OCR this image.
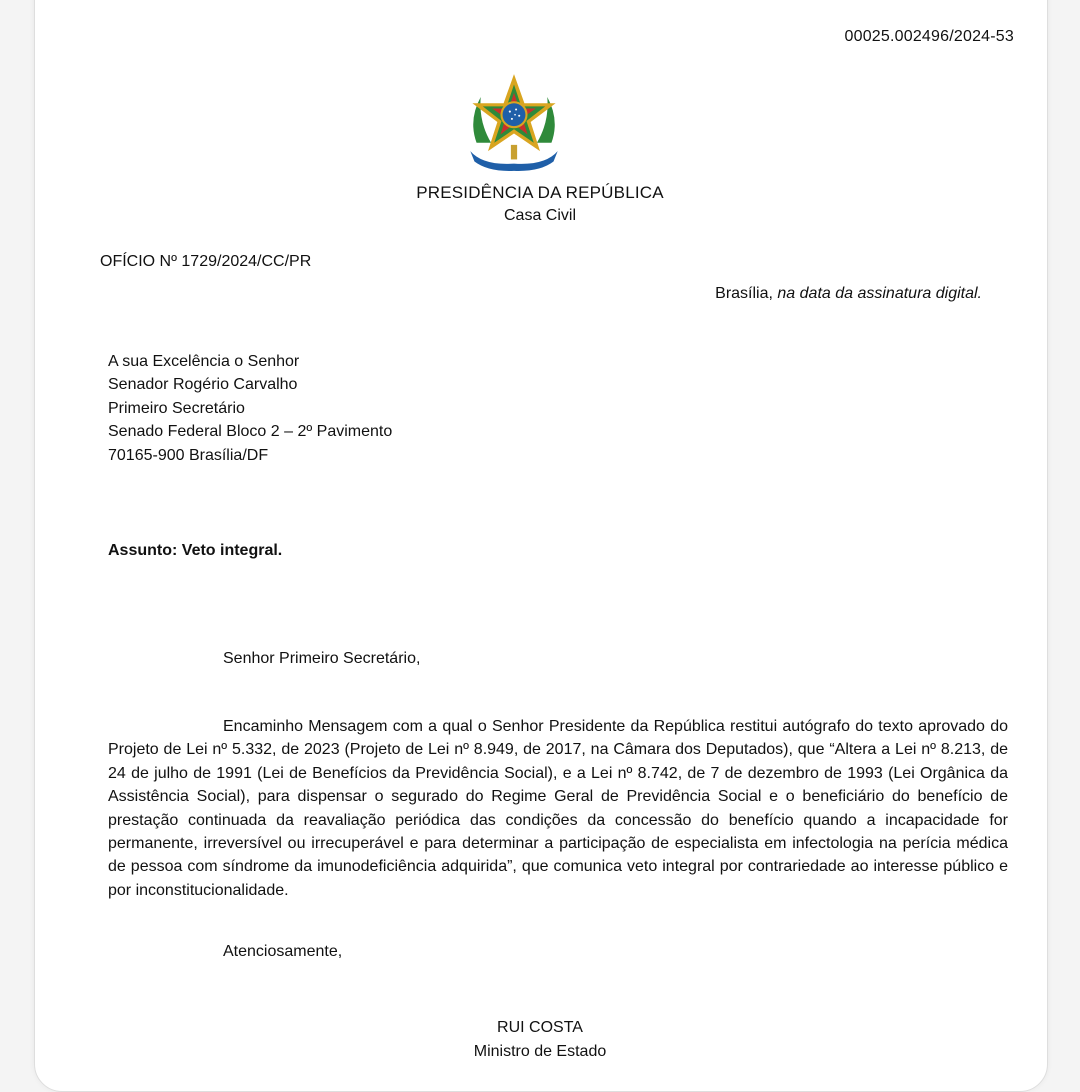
00025.002496/2024-53
PRESIDÊNCIA DA REPÚBLICA
Casa Civil
OFÍCIO Nº 1729/2024/CC/PR
Brasília, na data da assinatura digital.
A sua Excelência o Senhor
Senador Rogério Carvalho
Primeiro Secretário
Senado Federal Bloco 2 – 2º Pavimento
70165-900 Brasília/DF
Assunto: Veto integral.
Senhor Primeiro Secretário,
Encaminho Mensagem com a qual o Senhor Presidente da República restitui autógrafo do texto aprovado do Projeto de Lei nº 5.332, de 2023 (Projeto de Lei nº 8.949, de 2017, na Câmara dos Deputados), que “Altera a Lei nº 8.213, de 24 de julho de 1991 (Lei de Benefícios da Previdência Social), e a Lei nº 8.742, de 7 de dezembro de 1993 (Lei Orgânica da Assistência Social), para dispensar o segurado do Regime Geral de Previdência Social e o beneficiário do benefício de prestação continuada da reavaliação periódica das condições da concessão do benefício quando a incapacidade for permanente, irreversível ou irrecuperável e para determinar a participação de especialista em infectologia na perícia médica de pessoa com síndrome da imunodeficiência adquirida”, que comunica veto integral por contrariedade ao interesse público e por inconstitucionalidade.
Atenciosamente,
RUI COSTA
Ministro de Estado
